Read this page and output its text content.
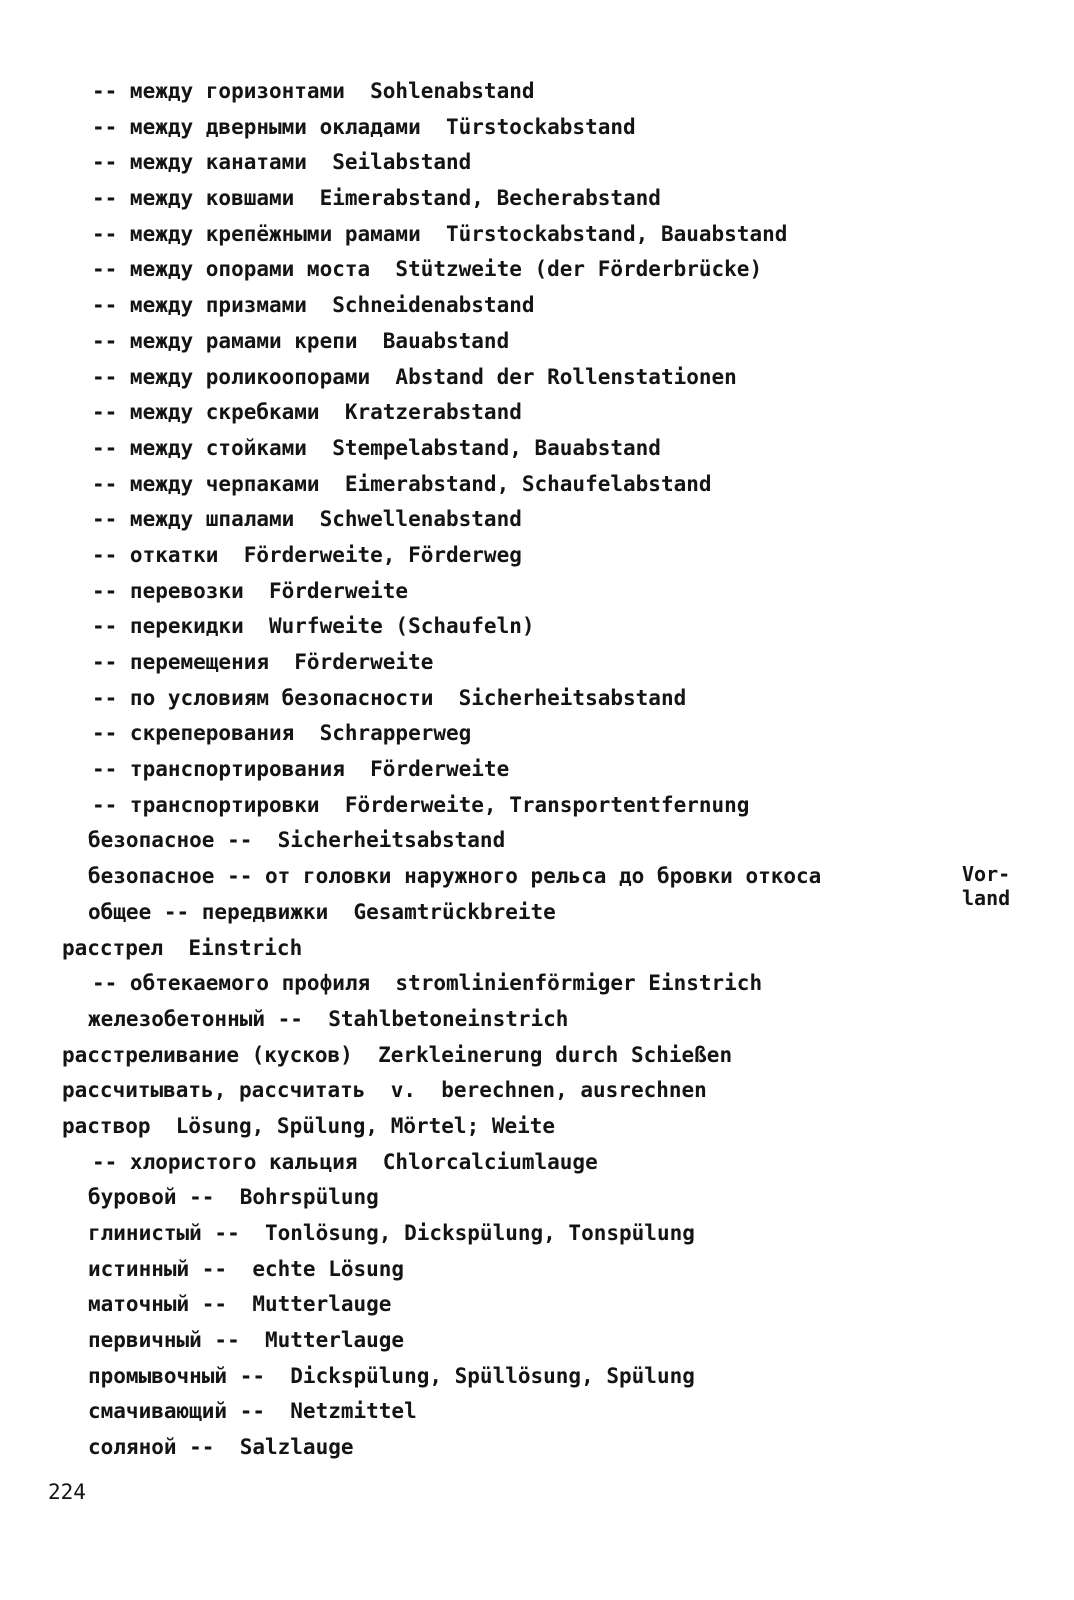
-- между горизонтами  Sohlenabstand
-- между дверными окладами  Türstockabstand
-- между канатами  Seilabstand
-- между ковшами  Eimerabstand, Becherabstand
-- между крепёжными рамами  Türstockabstand, Bauabstand
-- между опорами моста  Stützweite (der Förderbrücke)
-- между призмами  Schneidenabstand
-- между рамами крепи  Bauabstand
-- между роликоопорами  Abstand der Rollenstationen
-- между скребками  Kratzerabstand
-- между стойками  Stempelabstand, Bauabstand
-- между черпаками  Eimerabstand, Schaufelabstand
-- между шпалами  Schwellenabstand
-- откатки  Förderweite, Förderweg
-- перевозки  Förderweite
-- перекидки  Wurfweite (Schaufeln)
-- перемещения  Förderweite
-- по условиям безопасности  Sicherheitsabstand
-- скреперования  Schrapperweg
-- транспортирования  Förderweite
-- транспортировки  Förderweite, Transportentfernung
безопасное --  Sicherheitsabstand
безопасное -- от головки наружного рельса до бровки откоса
общее -- передвижки  Gesamtrückbreite
расстрел  Einstrich
-- обтекаемого профиля  stromlinienförmiger Einstrich
железобетонный --  Stahlbetoneinstrich
расстреливание (кусков)  Zerkleinerung durch Schießen
рассчитывать, рассчитать  v.  berechnen, ausrechnen
раствор  Lösung, Spülung, Mörtel; Weite
-- хлористого кальция  Chlorcalciumlauge
буровой --  Bohrspülung
глинистый --  Tonlösung, Dickspülung, Tonspülung
истинный --  echte Lösung
маточный --  Mutterlauge
первичный --  Mutterlauge
промывочный --  Dickspülung, Spüllösung, Spülung
смачивающий --  Netzmittel
соляной --  Salzlauge
Vor-
land
224
